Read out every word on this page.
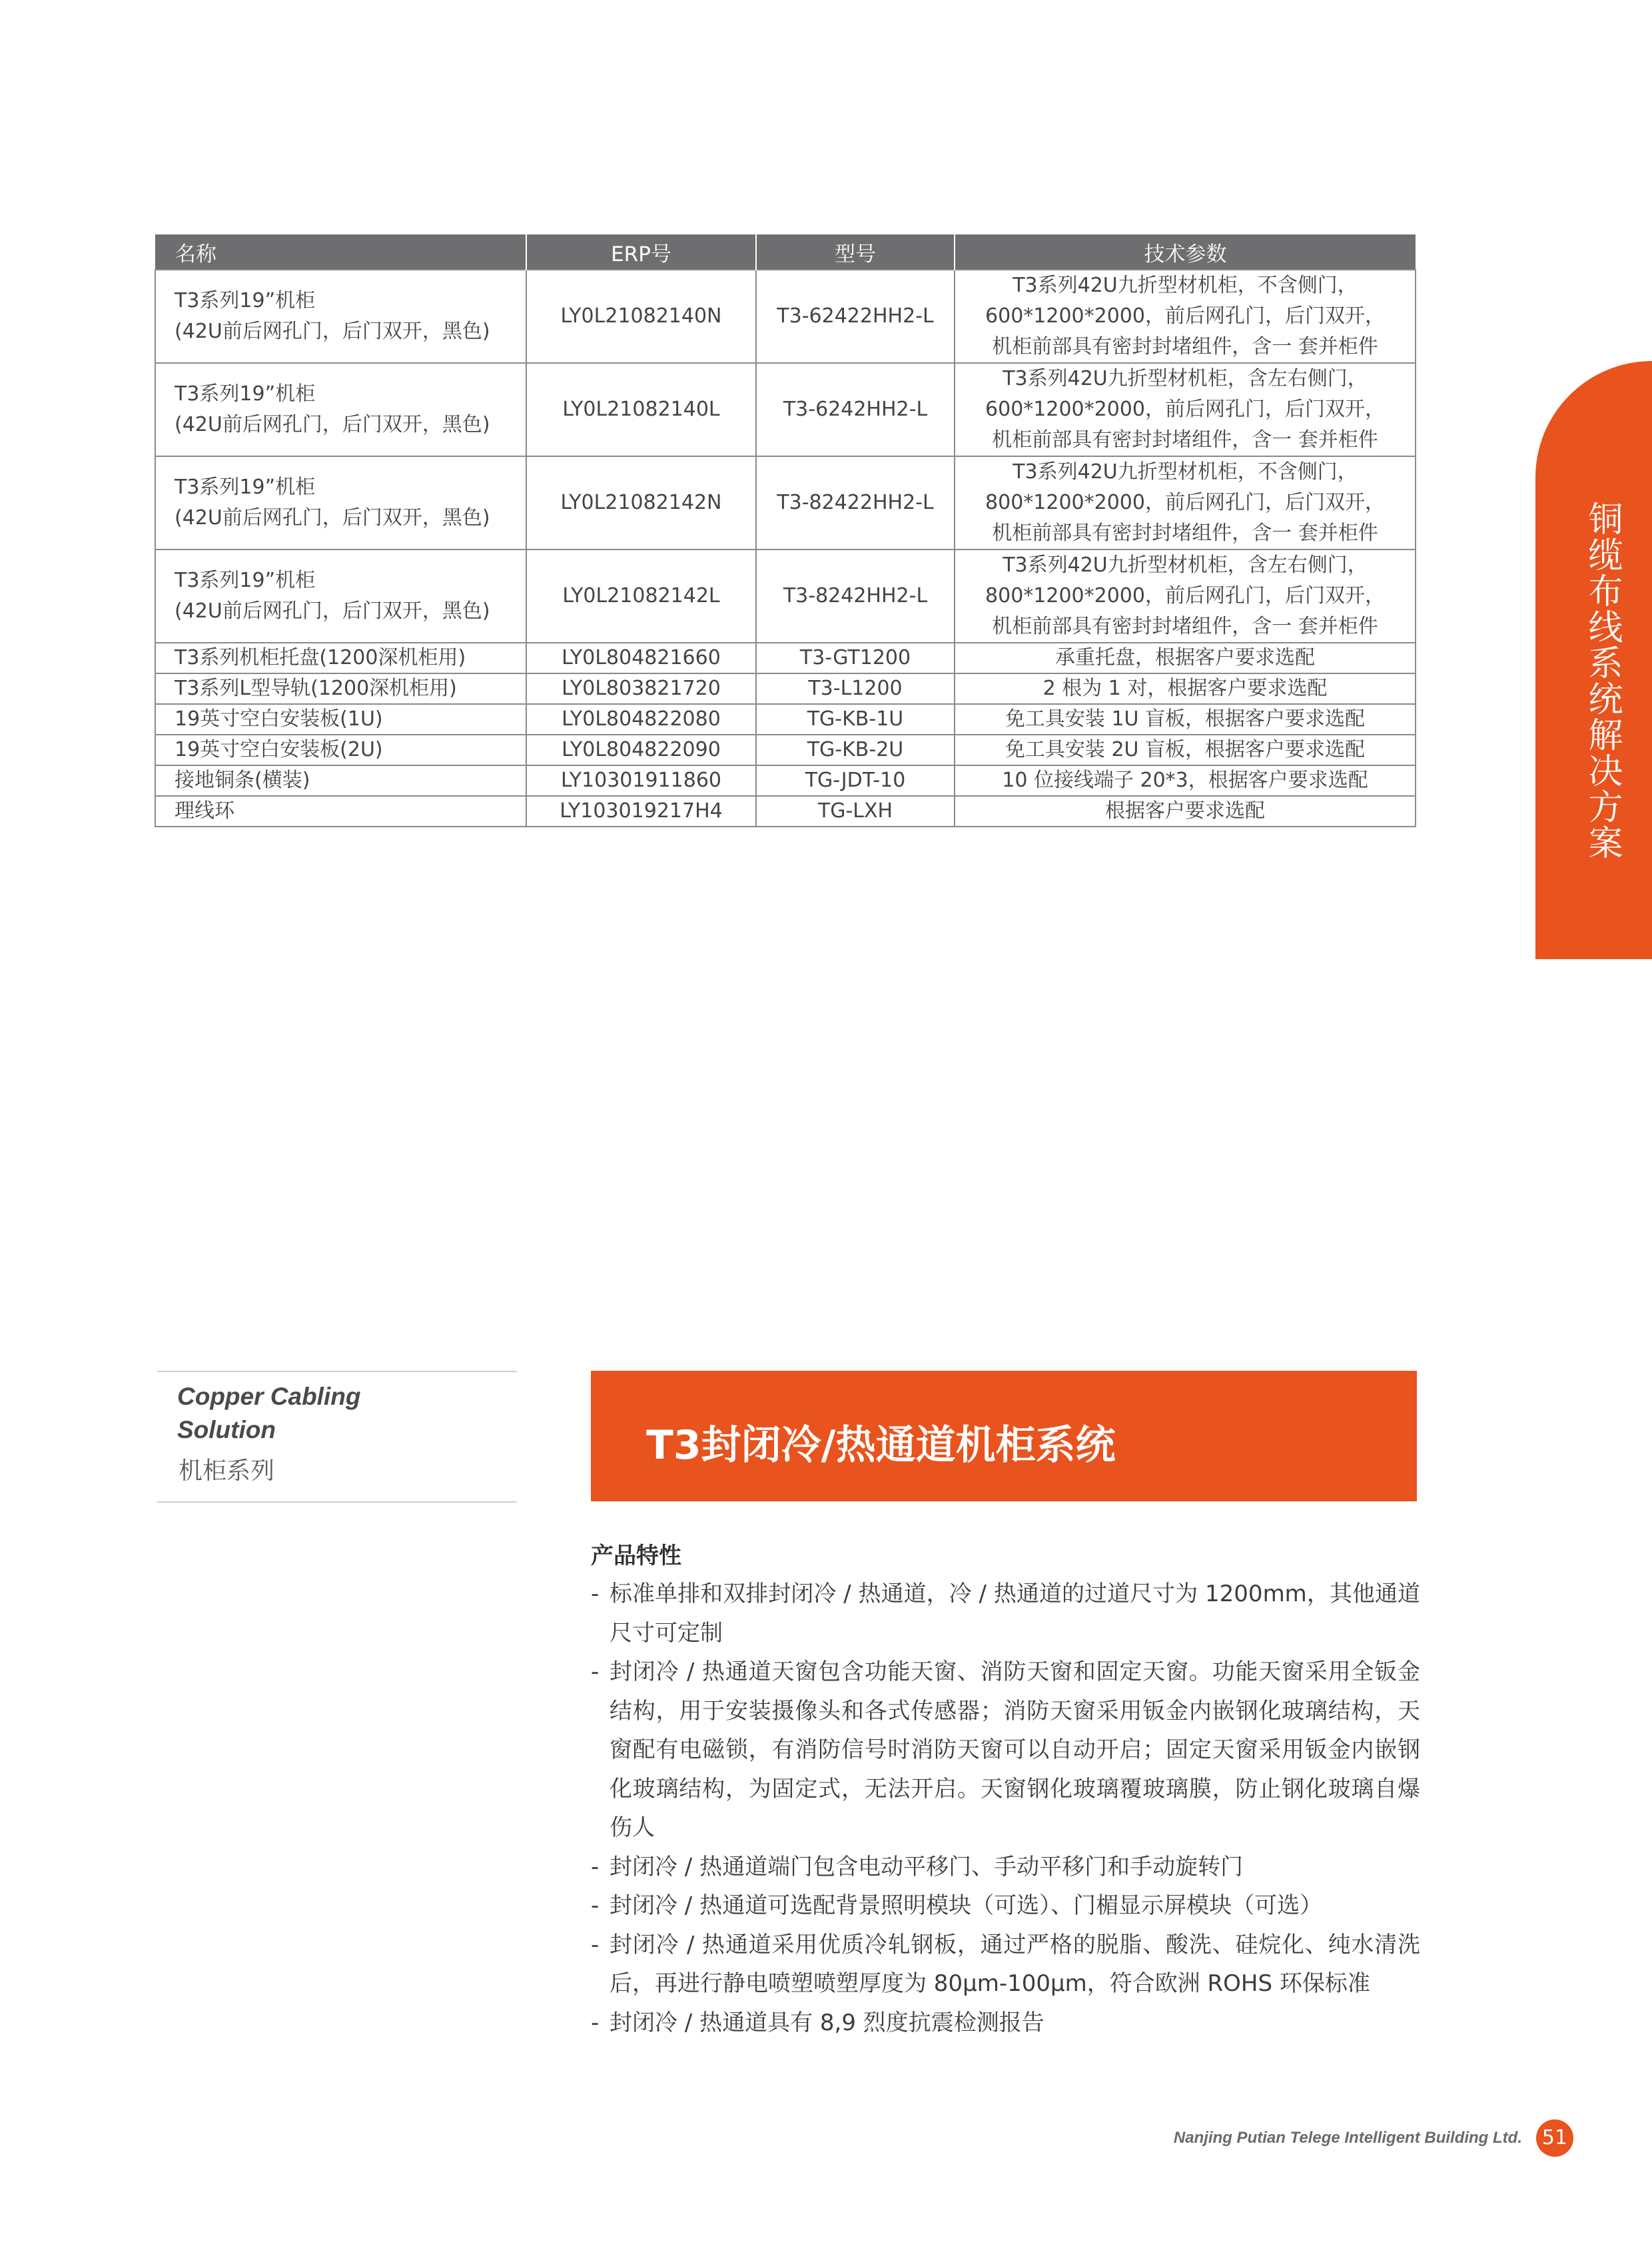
名称	ERP号	型号	技术参数
T3系列19”机柜
(42U前后网孔门，后门双开，黑色)	LY0L21082140N	T3-62422HH2-L	T3系列42U九折型材机柜，不含侧门，
600*1200*2000，前后网孔门，后门双开，
机柜前部具有密封封堵组件，含一 套并柜件
T3系列19”机柜
(42U前后网孔门，后门双开，黑色)	LY0L21082140L	T3-6242HH2-L	T3系列42U九折型材机柜，含左右侧门，
600*1200*2000，前后网孔门，后门双开，
机柜前部具有密封封堵组件，含一 套并柜件
T3系列19”机柜
(42U前后网孔门，后门双开，黑色)	LY0L21082142N	T3-82422HH2-L	T3系列42U九折型材机柜，不含侧门，
800*1200*2000，前后网孔门，后门双开，
机柜前部具有密封封堵组件，含一 套并柜件
T3系列19”机柜
(42U前后网孔门，后门双开，黑色)	LY0L21082142L	T3-8242HH2-L	T3系列42U九折型材机柜，含左右侧门，
800*1200*2000，前后网孔门，后门双开，
机柜前部具有密封封堵组件，含一 套并柜件
T3系列机柜托盘(1200深机柜用)	LY0L804821660	T3-GT1200	承重托盘，根据客户要求选配
T3系列L型导轨(1200深机柜用)	LY0L803821720	T3-L1200	2 根为 1 对，根据客户要求选配
19英寸空白安装板(1U)	LY0L804822080	TG-KB-1U	免工具安装 1U 盲板，根据客户要求选配
19英寸空白安装板(2U)	LY0L804822090	TG-KB-2U	免工具安装 2U 盲板，根据客户要求选配
接地铜条(横装)	LY10301911860	TG-JDT-10	10 位接线端子 20*3，根据客户要求选配
理线环	LY103019217H4	TG-LXH	根据客户要求选配	铜缆布线系统解决方案
Copper Cabling
Solution
机柜系列
T3封闭冷/热通道机柜系统
产品特性
- 标准单排和双排封闭冷 / 热通道，冷 / 热通道的过道尺寸为 1200mm，其他通道尺寸可定制
- 封闭冷 / 热通道天窗包含功能天窗、消防天窗和固定天窗。功能天窗采用全钣金结构，用于安装摄像头和各式传感器；消防天窗采用钣金内嵌钢化玻璃结构，天窗配有电磁锁，有消防信号时消防天窗可以自动开启；固定天窗采用钣金内嵌钢化玻璃结构，为固定式，无法开启。天窗钢化玻璃覆玻璃膜，防止钢化玻璃自爆伤人
- 封闭冷 / 热通道端门包含电动平移门、手动平移门和手动旋转门
- 封闭冷 / 热通道可选配背景照明模块（可选）、门楣显示屏模块（可选）
- 封闭冷 / 热通道采用优质冷轧钢板，通过严格的脱脂、酸洗、硅烷化、纯水清洗后，再进行静电喷塑喷塑厚度为 80μm-100μm，符合欧洲 ROHS 环保标准
- 封闭冷 / 热通道具有 8,9 烈度抗震检测报告
Nanjing Putian Telege Intelligent Building Ltd. 51
